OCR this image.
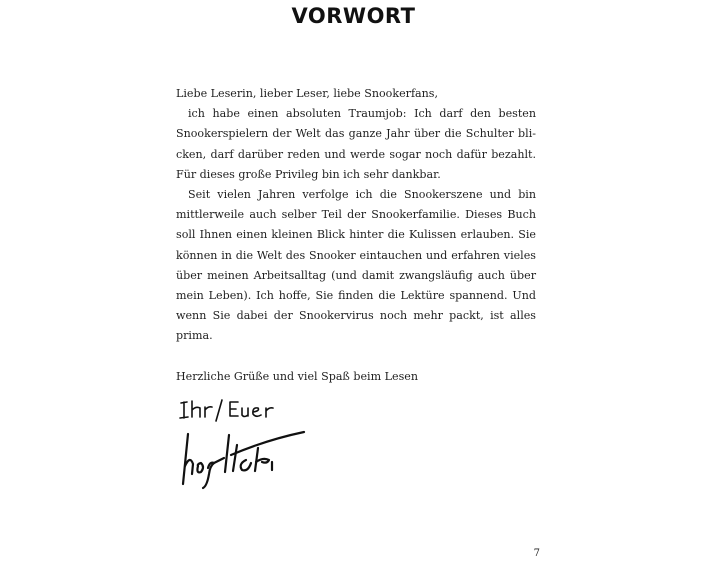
VORWORT
Liebe Leserin, lieber Leser, liebe Snookerfans,
ich habe einen absoluten Traumjob: Ich darf den besten
Snookerspielern der Welt das ganze Jahr über die Schulter bli-
cken, darf darüber reden und werde sogar noch dafür bezahlt.
Für dieses große Privileg bin ich sehr dankbar.
Seit vielen Jahren verfolge ich die Snookerszene und bin
mittlerweile auch selber Teil der Snookerfamilie. Dieses Buch
soll Ihnen einen kleinen Blick hinter die Kulissen erlauben. Sie
können in die Welt des Snooker eintauchen und erfahren vieles
über meinen Arbeitsalltag (und damit zwangsläufig auch über
mein Leben). Ich hoffe, Sie finden die Lektüre spannend. Und
wenn Sie dabei der Snookervirus noch mehr packt, ist alles
prima.
Herzliche Grüße und viel Spaß beim Lesen
7
